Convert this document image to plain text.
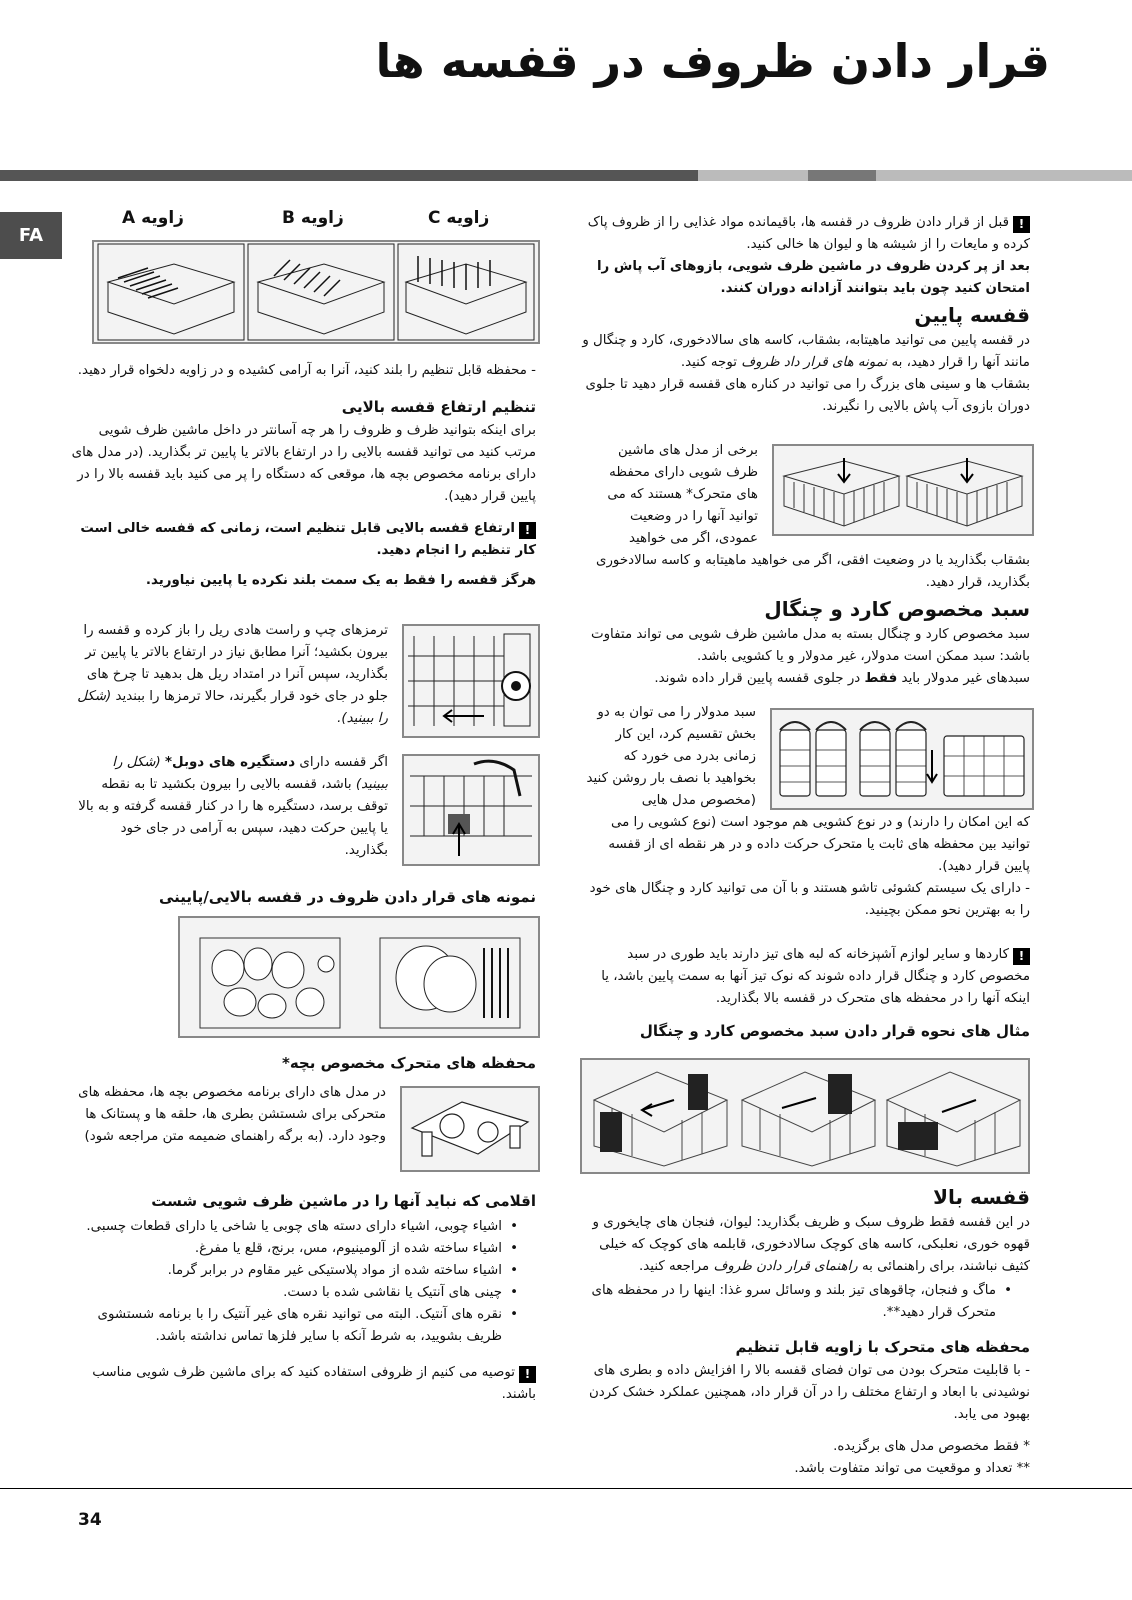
قرار دادن ظروف در قفسه ها
FA

!قبل از قرار دادن ظروف در قفسه ها، باقیمانده مواد غذایی را از ظروف پاک کرده و مایعات را از شیشه ها و لیوان ها خالی کنید.

بعد از پر کردن ظروف در ماشین ظرف شویی، بازوهای آب پاش را امتحان کنید چون باید بتوانند آزادانه دوران کنند.

قفسه پایین

در قفسه پایین می توانید ماهیتابه، بشقاب، کاسه های سالادخوری، کارد و چنگال و مانند آنها را قرار دهید، به نمونه های قرار داد ظروف توجه کنید.

بشقاب ها و سینی های بزرگ را می توانید در کناره های قفسه قرار دهید تا جلوی دوران بازوی آب پاش بالایی را نگیرند.

برخی از مدل های ماشین ظرف شویی دارای محفظه های متحرک* هستند که می توانید آنها را در وضعیت عمودی، اگر می خواهید

بشقاب بگذارید یا در وضعیت افقی، اگر می خواهید ماهیتابه و کاسه سالادخوری بگذارید، قرار دهید.

سبد مخصوص کارد و چنگال

سبد مخصوص کارد و چنگال بسته به مدل ماشین ظرف شویی می تواند متفاوت باشد: سبد ممکن است مدولار، غیر مدولار و یا کشویی باشد.

سبدهای غیر مدولار باید فقط در جلوی قفسه پایین قرار داده شوند.

سبد مدولار را می توان به دو بخش تقسیم کرد، این کار زمانی بدرد می خورد که بخواهید با نصف بار روشن کنید (مخصوص مدل هایی

که این امکان را دارند) و در نوع کشویی هم موجود است (نوع کشویی را می توانید بین محفظه های ثابت یا متحرک حرکت داده و در هر نقطه ای از قفسه پایین قرار دهید).

- دارای یک سیستم کشوئی تاشو هستند و با آن می توانید کارد و چنگال های خود را به بهترین نحو ممکن بچینید.

!کاردها و سایر لوازم آشپزخانه که لبه های تیز دارند باید طوری در سبد مخصوص کارد و چنگال قرار داده شوند که نوک تیز آنها به سمت پایین باشد، یا اینکه آنها را در محفظه های متحرک در قفسه بالا بگذارید.

مثال های نحوه قرار دادن سبد مخصوص کارد و چنگال

قفسه بالا

در این قفسه فقط ظروف سبک و ظریف بگذارید: لیوان، فنجان های چایخوری و قهوه خوری، نعلبکی، کاسه های کوچک سالادخوری، قابلمه های کوچک که خیلی کثیف نباشند، برای راهنمائی به راهنمای قرار دادن ظروف مراجعه کنید.

• ماگ و فنجان، چاقوهای تیز بلند و وسائل سرو غذا: اینها را در محفظه های متحرک قرار دهید**.

محفظه های متحرک با زاویه قابل تنظیم

- با قابلیت متحرک بودن می توان فضای قفسه بالا را افزایش داده و بطری های نوشیدنی با ابعاد و ارتفاع مختلف را در آن قرار داد، همچنین عملکرد خشک کردن بهبود می یابد.

* فقط مخصوص مدل های برگزیده.

** تعداد و موقعیت می تواند متفاوت باشد.

زاویه A	زاویه B	زاویه C

- محفظه قابل تنظیم را بلند کنید، آنرا به آرامی کشیده و در زاویه دلخواه قرار دهید.

تنظیم ارتفاع قفسه بالایی

برای اینکه بتوانید ظرف و ظروف را هر چه آسانتر در داخل ماشین ظرف شویی مرتب کنید می توانید قفسه بالایی را در ارتفاع بالاتر یا پایین تر بگذارید. (در مدل های دارای برنامه مخصوص بچه ها، موقعی که دستگاه را پر می کنید باید قفسه بالا را در پایین قرار دهید).

!ارتفاع قفسه بالایی قابل تنظیم است، زمانی که قفسه خالی است کار تنظیم را انجام دهید.

هرگز قفسه را فقط به یک سمت بلند نکرده یا پایین نیاورید.

ترمزهای چپ و راست هادی ریل را باز کرده و قفسه را بیرون بکشید؛ آنرا مطابق نیاز در ارتفاع بالاتر یا پایین تر بگذارید، سپس آنرا در امتداد ریل هل بدهید تا چرخ های جلو در جای خود قرار بگیرند، حالا ترمزها را ببندید (شکل را ببینید).
اگر قفسه دارای دستگیره های دوبل* (شکل را ببینید) باشد، قفسه بالایی را بیرون بکشید تا به نقطه توقف برسد، دستگیره ها را در کنار قفسه گرفته و به بالا یا پایین حرکت دهید، سپس به آرامی در جای خود بگذارید.

نمونه های قرار دادن ظروف در قفسه بالایی/پایینی

محفظه های متحرک مخصوص بچه*

در مدل های دارای برنامه مخصوص بچه ها، محفظه های متحرکی برای شستشن بطری ها، حلقه ها و پستانک ها وجود دارد. (به برگه راهنمای ضمیمه متن مراجعه شود)

اقلامی که نباید آنها را در ماشین ظرف شویی شست

• اشیاء چوبی، اشیاء دارای دسته های چوبی یا شاخی یا دارای قطعات چسبی.
• اشیاء ساخته شده از آلومینیوم، مس، برنج، قلع یا مفرغ.
• اشیاء ساخته شده از مواد پلاستیکی غیر مقاوم در برابر گرما.
• چینی های آنتیک یا نقاشی شده با دست.
• نقره های آنتیک. البته می توانید نقره های غیر آنتیک را با برنامه شستشوی ظریف بشویید، به شرط آنکه با سایر فلزها تماس نداشته باشد.

!توصیه می کنیم از ظروفی استفاده کنید که برای ماشین ظرف شویی مناسب باشند.

34
